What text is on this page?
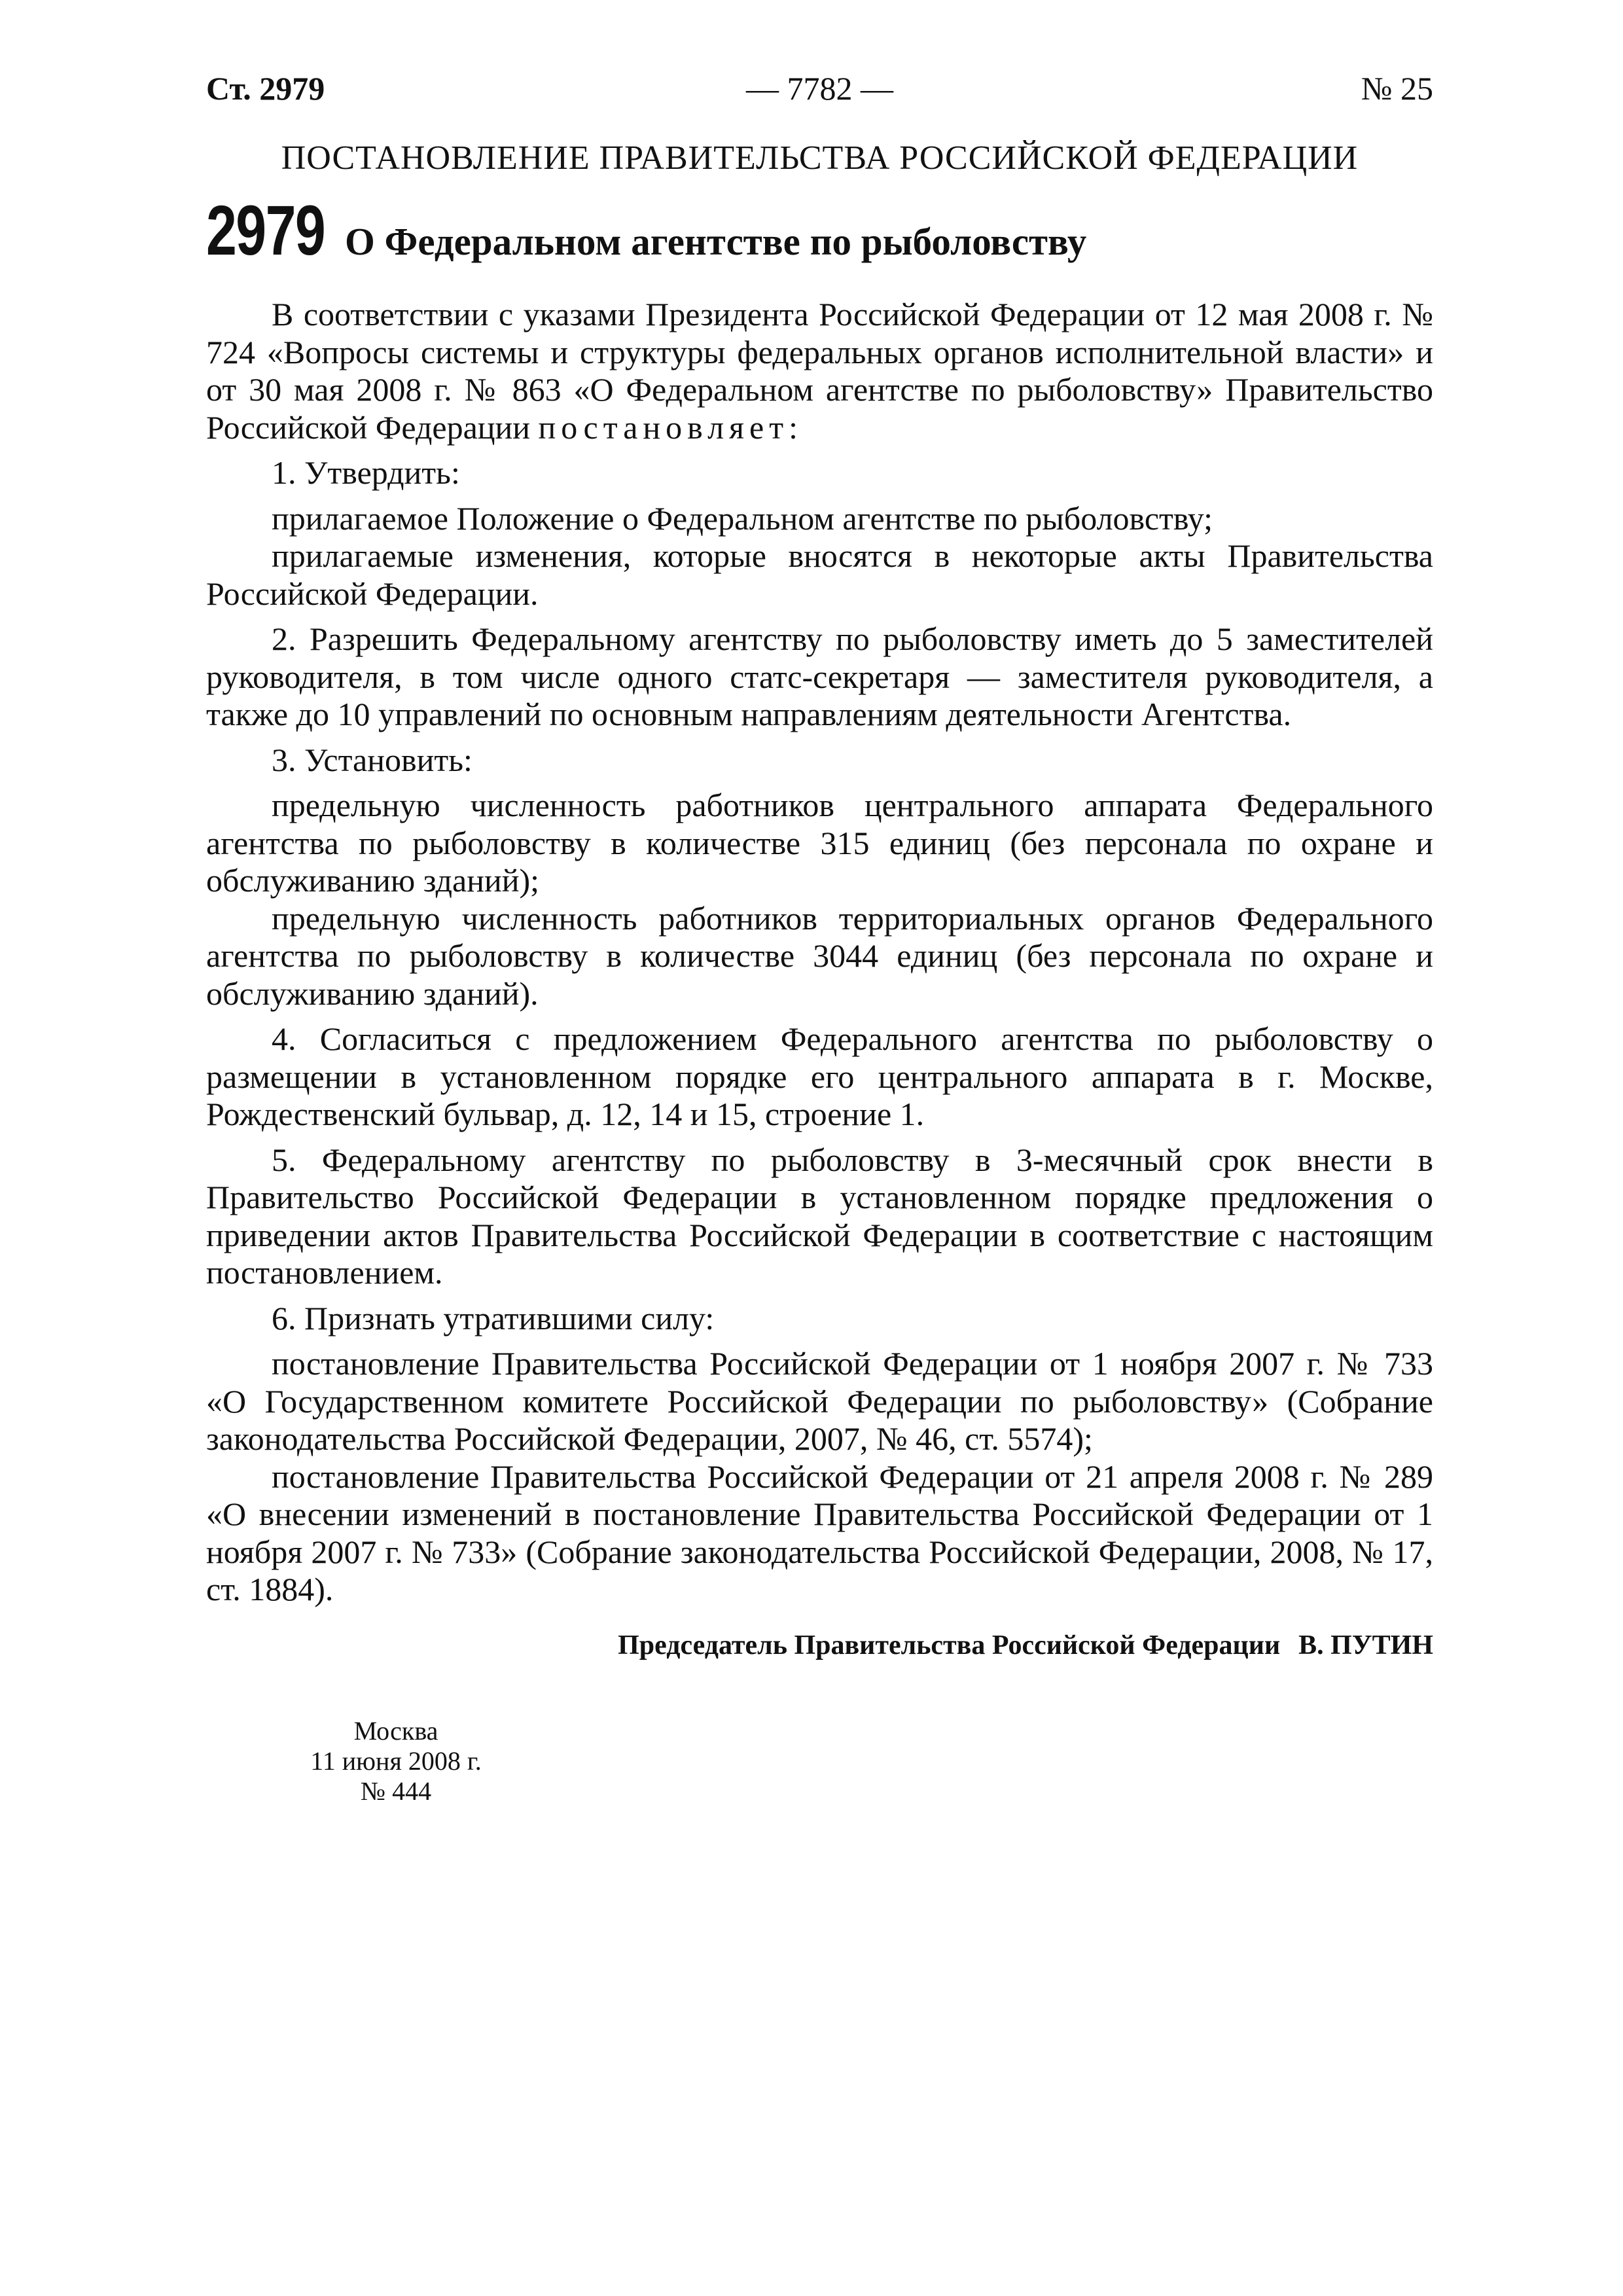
Ст. 2979	— 7782 —	№ 25
ПОСТАНОВЛЕНИЕ ПРАВИТЕЛЬСТВА РОССИЙСКОЙ ФЕДЕРАЦИИ
2979 О Федеральном агентстве по рыболовству

В соответствии с указами Президента Российской Федерации от 12 мая 2008 г. № 724 «Вопросы системы и структуры федеральных органов исполнительной власти» и от 30 мая 2008 г. № 863 «О Федеральном агентстве по рыболовству» Правительство Российской Федерации постановляет:

1. Утвердить:

прилагаемое Положение о Федеральном агентстве по рыболовству;

прилагаемые изменения, которые вносятся в некоторые акты Правительства Российской Федерации.

2. Разрешить Федеральному агентству по рыболовству иметь до 5 заместителей руководителя, в том числе одного статс-секретаря — заместителя руководителя, а также до 10 управлений по основным направлениям деятельности Агентства.

3. Установить:

предельную численность работников центрального аппарата Федерального агентства по рыболовству в количестве 315 единиц (без персонала по охране и обслуживанию зданий);

предельную численность работников территориальных органов Федерального агентства по рыболовству в количестве 3044 единиц (без персонала по охране и обслуживанию зданий).

4. Согласиться с предложением Федерального агентства по рыболовству о размещении в установленном порядке его центрального аппарата в г. Москве, Рождественский бульвар, д. 12, 14 и 15, строение 1.

5. Федеральному агентству по рыболовству в 3-месячный срок внести в Правительство Российской Федерации в установленном порядке предложения о приведении актов Правительства Российской Федерации в соответствие с настоящим постановлением.

6. Признать утратившими силу:

постановление Правительства Российской Федерации от 1 ноября 2007 г. № 733 «О Государственном комитете Российской Федерации по рыболовству» (Собрание законодательства Российской Федерации, 2007, № 46, ст. 5574);

постановление Правительства Российской Федерации от 21 апреля 2008 г. № 289 «О внесении изменений в постановление Правительства Российской Федерации от 1 ноября 2007 г. № 733» (Собрание законодательства Российской Федерации, 2008, № 17, ст. 1884).

Председатель Правительства Российской Федерации В. ПУТИН
Москва
11 июня 2008 г.
№ 444
